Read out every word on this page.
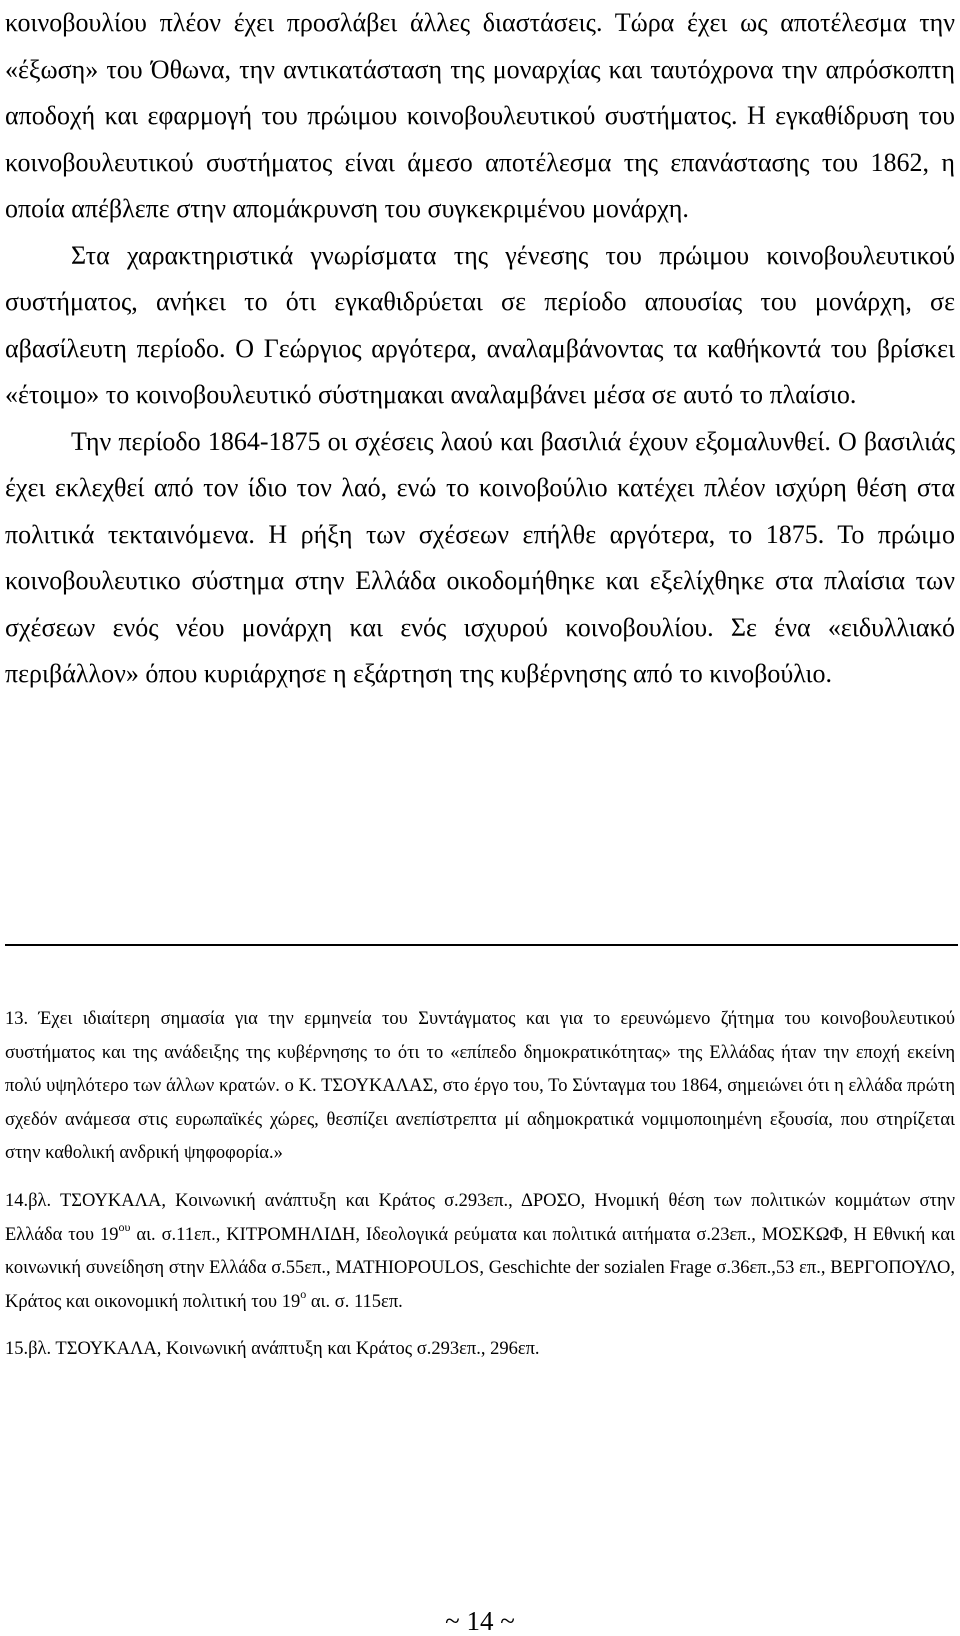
κοινοβουλίου πλέον έχει προσλάβει άλλες διαστάσεις. Τώρα έχει ως αποτέλεσμα την «έξωση» του Όθωνα, την αντικατάσταση της μοναρχίας και ταυτόχρονα την απρόσκοπτη αποδοχή και εφαρμογή του πρώιμου κοινοβουλευτικού συστήματος. Η εγκαθίδρυση του κοινοβουλευτικού συστήματος είναι άμεσο αποτέλεσμα της επανάστασης του 1862, η οποία απέβλεπε στην απομάκρυνση του συγκεκριμένου μονάρχη.

Στα χαρακτηριστικά γνωρίσματα της γένεσης του πρώιμου κοινοβουλευτικού συστήματος, ανήκει το ότι εγκαθιδρύεται σε περίοδο απουσίας του μονάρχη, σε αβασίλευτη περίοδο. Ο Γεώργιος αργότερα, αναλαμβάνοντας τα καθήκοντά του βρίσκει «έτοιμο» το κοινοβουλευτικό σύστημακαι αναλαμβάνει μέσα σε αυτό το πλαίσιο.

Την περίοδο 1864-1875 οι σχέσεις λαού και βασιλιά έχουν εξομαλυνθεί. Ο βασιλιάς έχει εκλεχθεί από τον ίδιο τον λαό, ενώ το κοινοβούλιο κατέχει πλέον ισχύρη θέση στα πολιτικά τεκταινόμενα. Η ρήξη των σχέσεων επήλθε αργότερα, το 1875. Το πρώιμο κοινοβουλευτικο σύστημα στην Ελλάδα οικοδομήθηκε και εξελίχθηκε στα πλαίσια των σχέσεων ενός νέου μονάρχη και ενός ισχυρού κοινοβουλίου. Σε ένα «ειδυλλιακό περιβάλλον» όπου κυριάρχησε η εξάρτηση της κυβέρνησης από το κινοβούλιο.

13. Έχει ιδιαίτερη σημασία για την ερμηνεία του Συντάγματος και για το ερευνώμενο ζήτημα του κοινοβουλευτικού συστήματος και της ανάδειξης της κυβέρνησης το ότι το «επίπεδο δημοκρατικότητας» της Ελλάδας ήταν την εποχή εκείνη πολύ υψηλότερο των άλλων κρατών. ο Κ. ΤΣΟΥΚΑΛΑΣ, στο έργο του, Το Σύνταγμα του 1864, σημειώνει ότι η ελλάδα πρώτη σχεδόν ανάμεσα στις ευρωπαϊκές χώρες, θεσπίζει ανεπίστρεπτα μί αδημοκρατικά νομιμοποιημένη εξουσία, που στηρίζεται στην καθολική ανδρική ψηφοφορία.»

14.βλ. ΤΣΟΥΚΑΛΑ, Κοινωνική ανάπτυξη και Κράτος σ.293επ., ΔΡΟΣΟ, Ηνομική θέση των πολιτικών κομμάτων στην Ελλάδα του $19^{o\upsilon}$ αι. σ.11επ., ΚΙΤΡΟΜΗΛΙΔΗ, Ιδεολογικά ρεύματα και πολιτικά αιτήματα σ.23επ., ΜΟΣΚΩΦ, Η Εθνική και κοινωνική συνείδηση στην Ελλάδα σ.55επ., MATHIOPOULOS, Geschichte der sozialen Frage σ.36επ.,53 επ., ΒΕΡΓΟΠΟΥΛΟ, Κράτος και οικονομική πολιτική του $19^o$ αι. σ. 115επ.

15.βλ. ΤΣΟΥΚΑΛΑ, Κοινωνική ανάπτυξη και Κράτος σ.293επ., 296επ.

~ 14 ~
